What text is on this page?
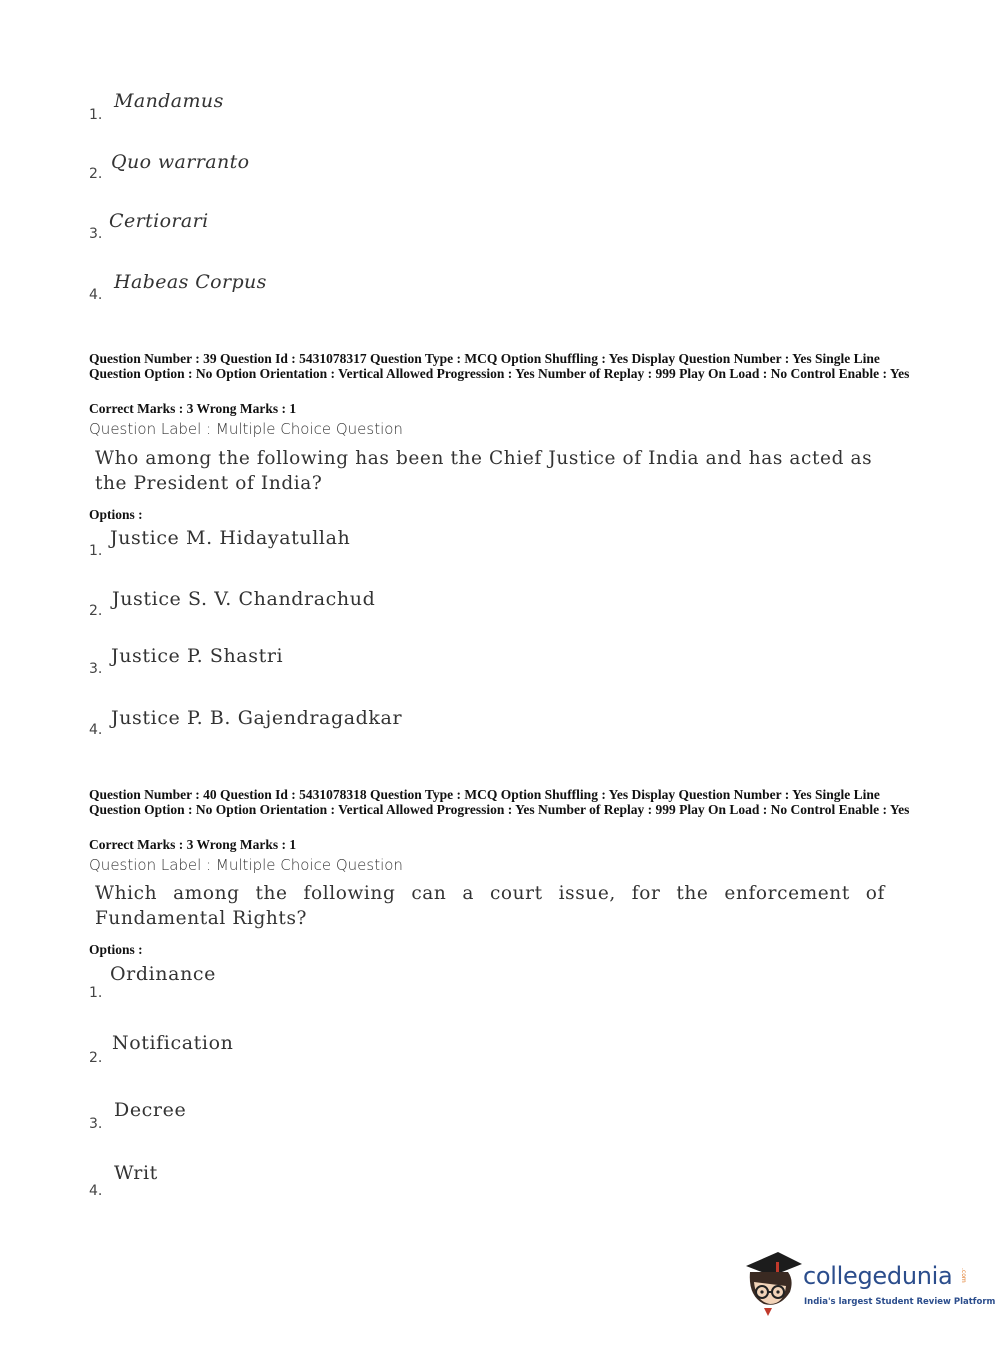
Mandamus
1.
Quo warranto
2.
Certiorari
3.
Habeas Corpus
4.
Question Number : 39 Question Id : 5431078317 Question Type : MCQ Option Shuffling : Yes Display Question Number : Yes Single Line Question Option : No Option Orientation : Vertical Allowed Progression : Yes Number of Replay : 999 Play On Load : No Control Enable : Yes
Correct Marks : 3 Wrong Marks : 1
Question Label : Multiple Choice Question
Who among the following has been the Chief Justice of India and has acted as the President of India?
Options :
Justice M. Hidayatullah
1.
Justice S. V. Chandrachud
2.
Justice P. Shastri
3.
Justice P. B. Gajendragadkar
4.
Question Number : 40 Question Id : 5431078318 Question Type : MCQ Option Shuffling : Yes Display Question Number : Yes Single Line Question Option : No Option Orientation : Vertical Allowed Progression : Yes Number of Replay : 999 Play On Load : No Control Enable : Yes
Correct Marks : 3 Wrong Marks : 1
Question Label : Multiple Choice Question
Which among the following can a court issue, for the enforcement of Fundamental Rights?
Options :
Ordinance
1.
Notification
2.
Decree
3.
Writ
4.
collegedunia .com
India's largest Student Review Platform
